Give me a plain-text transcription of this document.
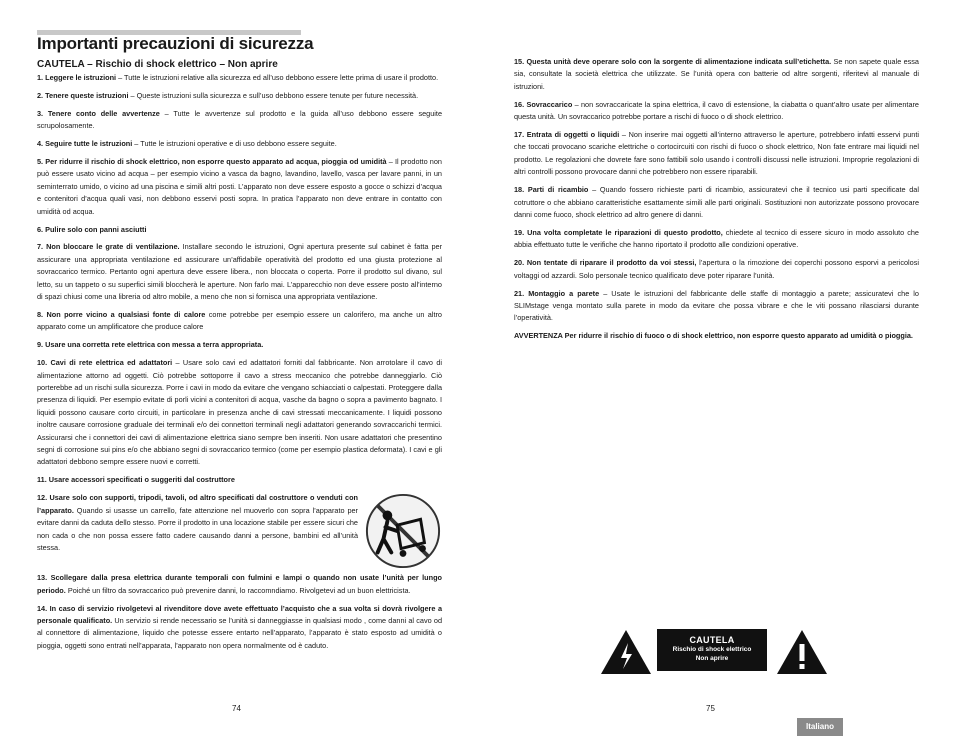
Importanti precauzioni di sicurezza
CAUTELA – Rischio di shock elettrico – Non aprire

1. Leggere le istruzioni – Tutte le istruzioni relative alla sicurezza ed all’uso debbono essere lette prima di usare il prodotto.

2. Tenere queste istruzioni – Queste istruzioni sulla sicurezza e sull’uso debbono essere tenute per future necessità.

3. Tenere conto delle avvertenze – Tutte le avvertenze sul prodotto e la guida all’uso debbono essere seguite scrupolosamente.

4. Seguire tutte le istruzioni – Tutte le istruzioni operative e di uso debbono essere seguite.

5. Per ridurre il rischio di shock elettrico, non esporre questo apparato ad acqua, pioggia od umidità – Il prodotto non può essere usato vicino ad acqua – per esempio vicino a vasca da bagno, lavandino, lavello, vasca per lavare panni, in un seminterrato umido, o vicino ad una piscina e simili altri posti. L’apparato non deve essere esposto a gocce o schizzi d’acqua e contenitori d’acqua quali vasi, non debbono esservi posti sopra. In pratica l’apparato non deve entrare in contatto con umidità od acqua.

6. Pulire solo con panni asciutti

7. Non bloccare le grate di ventilazione. Installare secondo le istruzioni, Ogni apertura presente sul cabinet è fatta per assicurare una appropriata ventilazione ed assicurare un’affidabile operatività del prodotto ed una giusta protezione al sovraccarico termico. Pertanto ogni apertura deve essere libera., non bloccata o coperta. Porre il prodotto sul divano, sul letto, su un tappeto o su superfici simili bloccherà le aperture. Non farlo mai. L’apparecchio non deve essere posto all’interno di spazi chiusi come una libreria od altro mobile, a meno che non si fornisca una appropriata ventilazione.

8. Non porre vicino a qualsiasi fonte di calore come potrebbe per esempio essere un calorifero, ma anche un altro apparato come un amplificatore che produce calore

9. Usare una corretta rete elettrica con messa a terra appropriata.

10. Cavi di rete elettrica ed adattatori – Usare solo cavi ed adattatori forniti dal fabbricante. Non arrotolare il cavo di alimentazione attorno ad oggetti. Ciò potrebbe sottoporre il cavo a stress meccanico che potrebbe danneggiarlo. Ciò porterebbe ad un rischi sulla sicurezza. Porre i cavi in modo da evitare che vengano schiacciati o calpestati. Proteggere dalla presenza di liquidi. Per esempio evitate di porli vicini a contenitori di acqua, vasche da bagno o sopra a pavimento bagnato. I liquidi possono causare corto circuiti, in particolare in presenza anche di cavi stressati meccanicamente. I liquidi possono inoltre causare corrosione graduale dei terminali e/o dei connettori terminali negli adattatori generando sovraccarichi termici. Assicurarsi che i connettori dei cavi di alimentazione elettrica siano sempre ben inseriti. Non usare adattatori che presentino segni di corrosione sui pins e/o che abbiano segni di sovraccarico termico (come per esempio plastica deformata). I cavi e gli adattatori debbono sempre essere nuovi e corretti.

11. Usare accessori specificati o suggeriti dal costruttore

12. Usare solo con supporti, tripodi, tavoli, od altro specificati dal costruttore o venduti con l’apparato. Quando si usasse un carrello, fate attenzione nel muoverlo con sopra l’apparato per evitare danni da caduta dello stesso. Porre il prodotto in una locazione stabile per essere sicuri che non cada o che non possa essere fatto cadere causando danni a persone, bambini ed all’unità stessa.

13. Scollegare dalla presa elettrica durante temporali con fulmini e lampi o quando non usate l’unità per lungo periodo. Poiché un filtro da sovraccarico può prevenire danni, lo raccomndiamo. Rivolgetevi ad un buon elettricista.

14. In caso di servizio rivolgetevi al rivenditore dove avete effettuato l’acquisto che a sua volta si dovrà rivolgere a personale qualificato. Un servizio si rende necessario se l’unità si danneggiasse in qualsiasi modo , come danni al cavo od al connettore di alimentazione, liquido che potesse essere entarto nell’apparato, l’apparato è stato esposto ad umidità o pioggia, oggetti sono entrati nell’apparata, l’apparato non opera normalmente od è caduto.

74

15. Questa unità deve operare solo con la sorgente di alimentazione indicata sull’etichetta. Se non sapete quale essa sia, consultate la società elettrica che utilizzate. Se l’unità opera con batterie od altre sorgenti, riferitevi al manuale di istruzioni.

16. Sovraccarico – non sovraccaricate la spina elettrica, il cavo di estensione, la ciabatta o quant’altro usate per alimentare questa unità. Un sovraccarico potrebbe portare a rischi di fuoco o di shock elettrico.

17. Entrata di oggetti o liquidi – Non inserire mai oggetti all’interno attraverso le aperture, potrebbero infatti esservi punti che toccati provocano scariche elettriche o cortocircuiti con rischi di fuoco o shock elettrico, Non fate entrare mai liquidi nel prodotto. Le regolazioni che dovrete fare sono fattibili solo usando i controlli discussi nelle istruzioni. Improprie regolazioni di altri controlli possono provocare danni che potrebbero non essere riparabili.

18. Parti di ricambio – Quando fossero richieste parti di ricambio, assicuratevi che il tecnico usi parti specificate dal cotruttore o che abbiano caratteristiche esattamente simili alle parti originali. Sostituzioni non autorizzate possono provocare danni come fuoco, shock elettrico ad altro genere di danni.

19. Una volta completate le riparazioni di questo prodotto, chiedete al tecnico di essere sicuro in modo assoluto che abbia effettuato tutte le verifiche che hanno riportato il prodotto alle condizioni operative.

20. Non tentate di riparare il prodotto da voi stessi, l’apertura o la rimozione dei coperchi possono esporvi a pericolosi voltaggi od azzardi. Solo personale tecnico qualificato deve poter riparare l’unità.

21. Montaggio a parete – Usate le istruzioni del fabbricante delle staffe di montaggio a parete; assicuratevi che lo SLIMstage venga montato sulla parete in modo da evitare che possa vibrare e che le viti possano rilasciarsi durante l’operatività.

AVVERTENZA Per ridurre il rischio di fuoco o di shock elettrico, non esporre questo apparato ad umidità o pioggia.

CAUTELA
Rischio di shock elettrico
Non aprire
75
Italiano
